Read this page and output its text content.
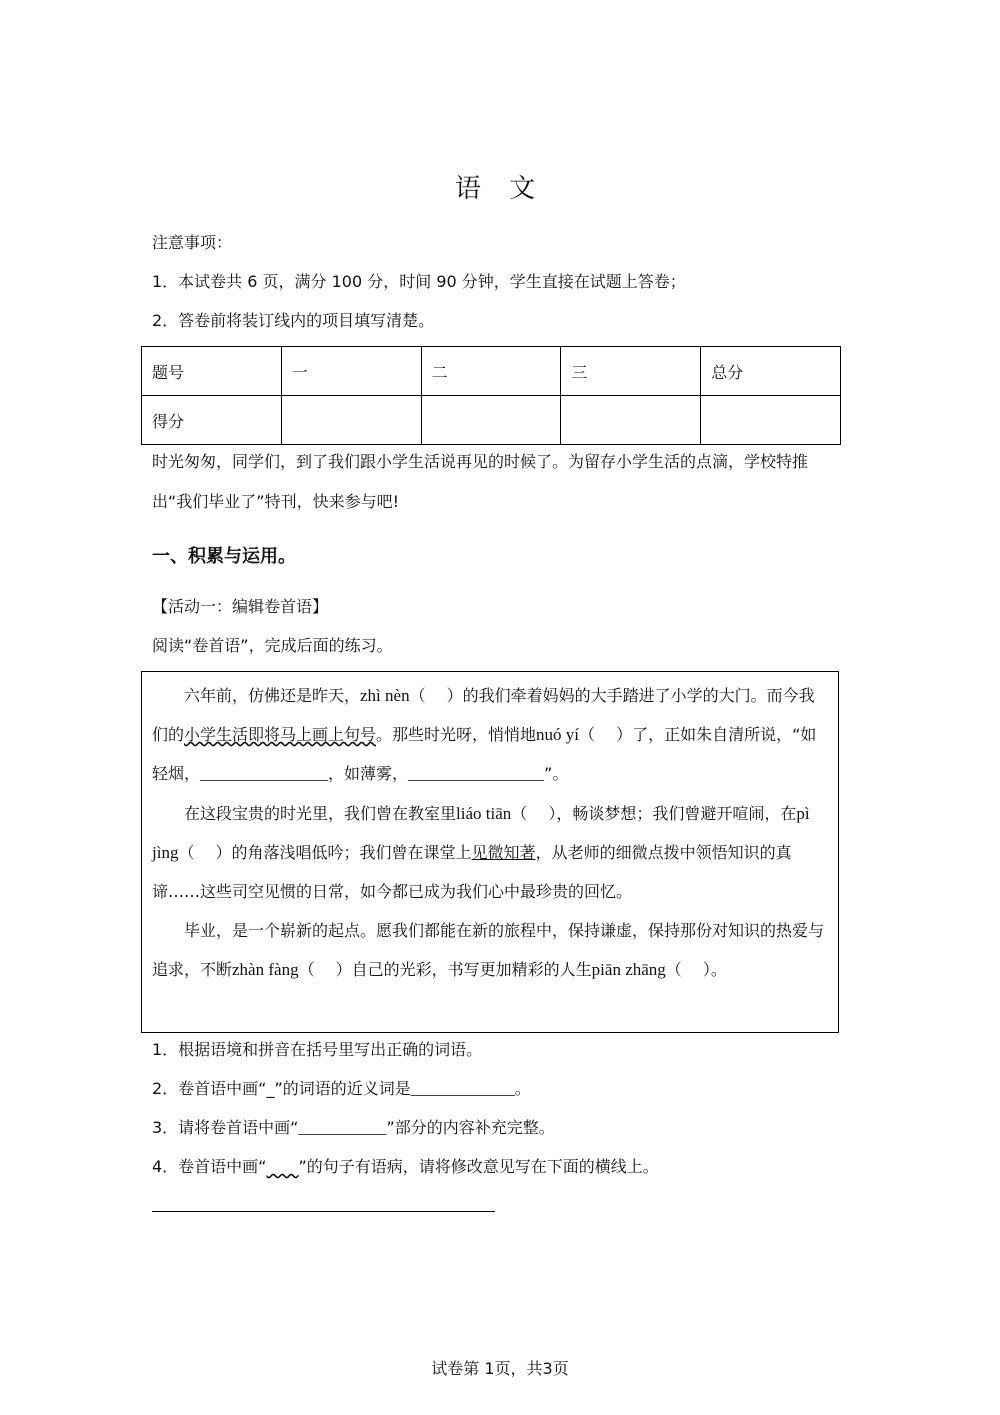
语 文
注意事项：
1．本试卷共 6 页，满分 100 分，时间 90 分钟，学生直接在试题上答卷；
2．答卷前将装订线内的项目填写清楚。
题号	一	二	三	总分
得分				
时光匆匆，同学们，到了我们跟小学生活说再见的时候了。为留存小学生活的点滴，学校特推出“我们毕业了”特刊，快来参与吧!
一、积累与运用。
【活动一：编辑卷首语】
阅读“卷首语”，完成后面的练习。

六年前，仿佛还是昨天，zhì nèn（　 ）的我们牵着妈妈的大手踏进了小学的大门。而今我们的小学生活即将马上画上句号。那些时光呀，悄悄地nuó yí（　 ）了，正如朱自清所说，“如轻烟，________________，如薄雾，_________________”。

在这段宝贵的时光里，我们曾在教室里liáo tiān（　 ），畅谈梦想；我们曾避开喧闹，在pì jìng（　 ）的角落浅唱低吟；我们曾在课堂上见微知著，从老师的细微点拨中领悟知识的真谛……这些司空见惯的日常，如今都已成为我们心中最珍贵的回忆。

毕业，是一个崭新的起点。愿我们都能在新的旅程中，保持谦虚，保持那份对知识的热爱与追求，不断zhàn fàng（　 ）自己的光彩，书写更加精彩的人生piān zhāng（　 ）。

1．根据语境和拼音在括号里写出正确的词语。
2．卷首语中画“_”的词语的近义词是_____________。
3．请将卷首语中画“___________”部分的内容补充完整。
4．卷首语中画“　　 ”的句子有语病，请将修改意见写在下面的横线上。
试卷第 1页，共3页
